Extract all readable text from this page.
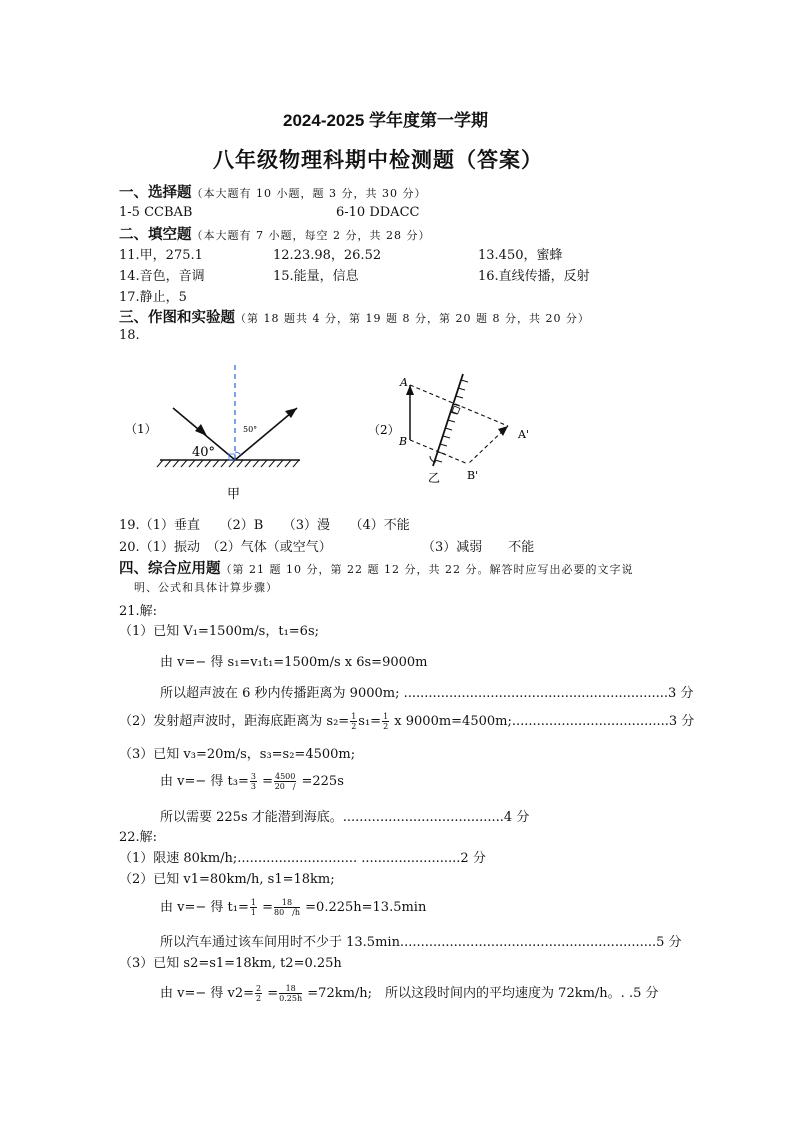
2024-2025 学年度第一学期
八年级物理科期中检测题（答案）
一、选择题（本大题有 10 小题，题 3 分，共 30 分）
1-5 CCBAB	6-10 DDACC
二、填空题（本大题有 7 小题，每空 2 分，共 28 分）
11.甲，275.1	12.23.98，26.52	13.450，蜜蜂
14.音色，音调	15.能量，信息	16.直线传播，反射
17.静止，5
三、作图和实验题（第 18 题共 4 分，第 19 题 8 分，第 20 题 8 分，共 20 分）
18.
（1）
40°
50°
甲
（2）
A
B
A'
B'
乙
19.（1）垂直　　（2）B　　（3）漫　　（4）不能
20.（1）振动　（2）气体（或空气）	（3）减弱　　不能
四、综合应用题（第 21 题 10 分，第 22 题 12 分，共 22 分。解答时应写出必要的文字说
明、公式和具体计算步骤）
21.解:
（1）已知 V₁=1500m/s，t₁=6s;
由 v=− 得 s₁=v₁t₁=1500m/s x 6s=9000m
所以超声波在 6 秒内传播距离为 9000m; ................................................................3 分
（2）发射超声波时，距海底距离为 $s_2= \frac{1}{2} s_1= \frac{1}{2}$ x 9000m=4500m;......................................3 分
（3）已知 v₃=20m/s，s₃=s₂=4500m;
由 v=− 得 $t_3= \frac{3}{3} = \frac{4500}{20 /} =225s$
所以需要 225s 才能潜到海底。.......................................4 分
22.解:
（1）限速 80km/h;............................. ........................2 分
（2）已知 v1=80km/h, s1=18km;
由 v=− 得 $t_1= \frac{1}{1} = \frac{18}{80 /h} =0.225h=13.5\min$
所以汽车通过该车间用时不少于 13.5min..............................................................5 分
（3）已知 s2=s1=18km, t2=0.25h
由 v=− 得 $v2= \frac{2}{2} = \frac{18}{0.25h} =72km/h$;　所以这段时间内的平均速度为 72km/h。. .5 分
